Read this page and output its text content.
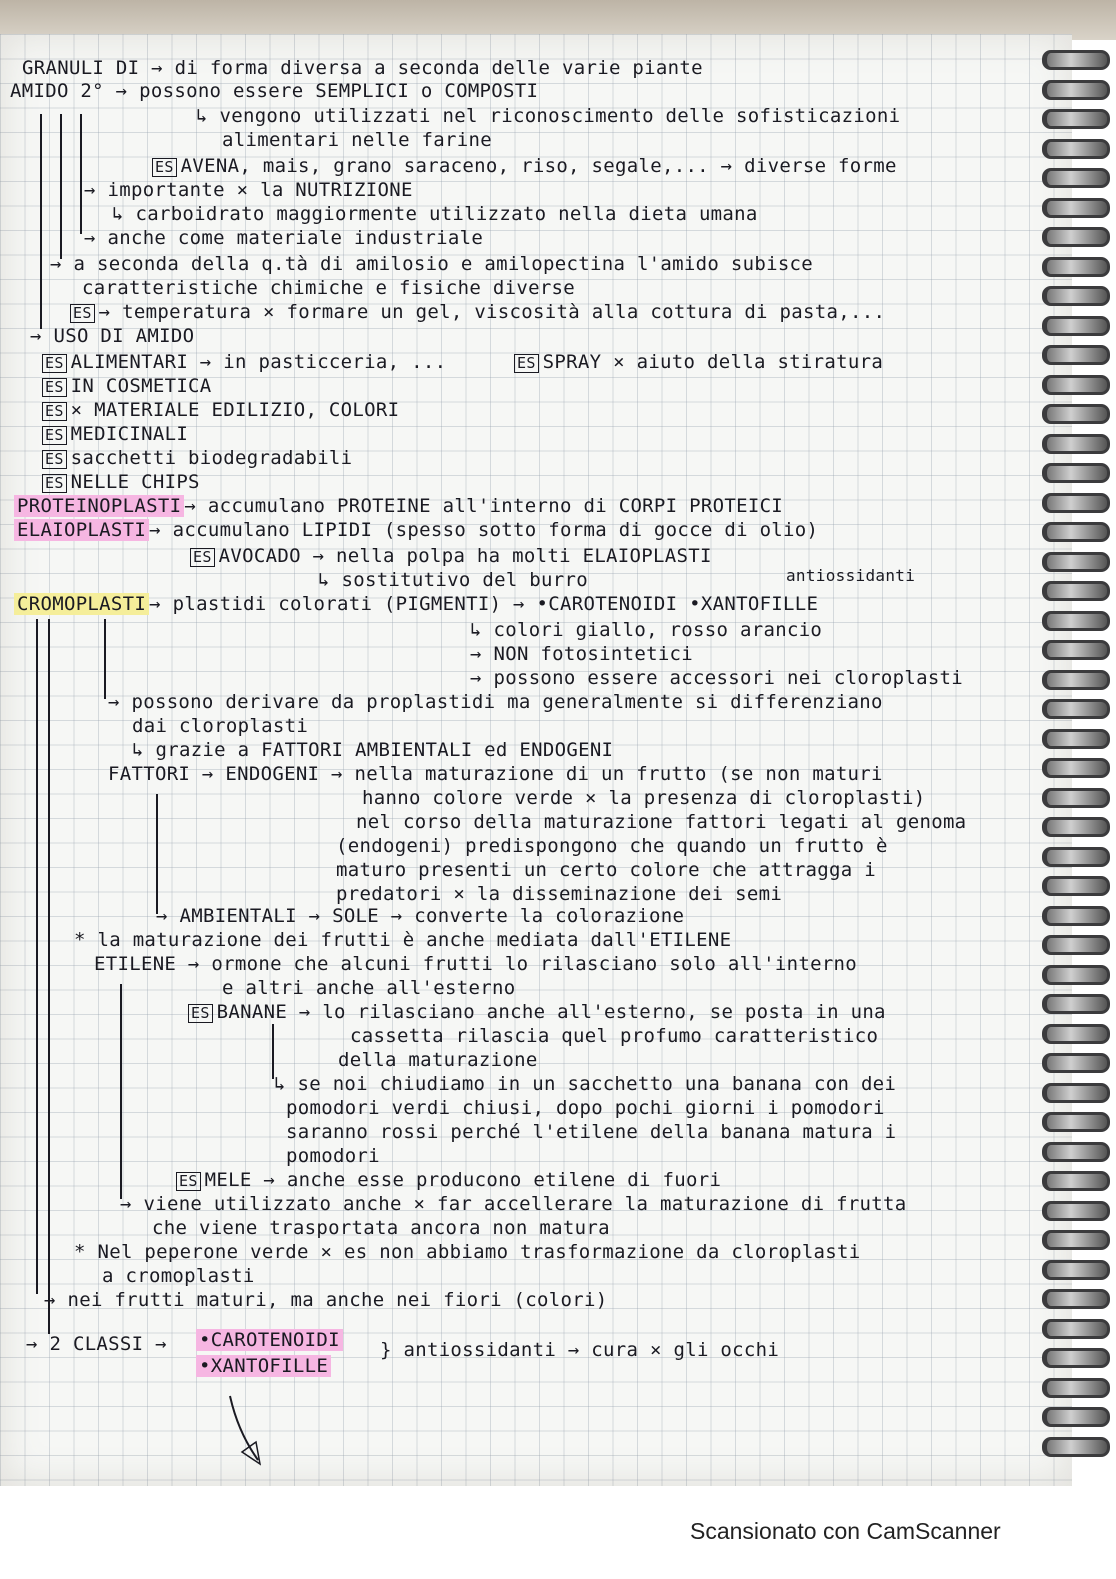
GRANULI DI → di forma diversa a seconda delle varie piante
AMIDO 2° → possono essere SEMPLICI o COMPOSTI
↳ vengono utilizzati nel riconoscimento delle sofisticazioni
alimentari nelle farine
ES AVENA, mais, grano saraceno, riso, segale,... → diverse forme
→ importante × la NUTRIZIONE
↳ carboidrato maggiormente utilizzato nella dieta umana
→ anche come materiale industriale
→ a seconda della q.tà di amilosio e amilopectina l'amido subisce
caratteristiche chimiche e fisiche diverse
ES → temperatura × formare un gel, viscosità alla cottura di pasta,...
→ USO DI AMIDO
ES ALIMENTARI → in pasticceria, ...	ES SPRAY × aiuto della stiratura
ES IN COSMETICA
ES × MATERIALE EDILIZIO, COLORI
ES MEDICINALI
ES sacchetti biodegradabili
ES NELLE CHIPS
PROTEINOPLASTI → accumulano PROTEINE all'interno di CORPI PROTEICI
ELAIOPLASTI → accumulano LIPIDI (spesso sotto forma di gocce di olio)
ES AVOCADO → nella polpa ha molti ELAIOPLASTI
↳ sostitutivo del burro	antiossidanti
CROMOPLASTI → plastidi colorati (PIGMENTI) → •CAROTENOIDI •XANTOFILLE
↳ colori giallo, rosso arancio
→ NON fotosintetici
→ possono essere accessori nei cloroplasti
→ possono derivare da proplastidi ma generalmente si differenziano
dai cloroplasti
↳ grazie a FATTORI AMBIENTALI ed ENDOGENI
FATTORI → ENDOGENI → nella maturazione di un frutto (se non maturi
hanno colore verde × la presenza di cloroplasti)
nel corso della maturazione fattori legati al genoma
(endogeni) predispongono che quando un frutto è
maturo presenti un certo colore che attragga i
predatori × la disseminazione dei semi
→ AMBIENTALI → SOLE → converte la colorazione
* la maturazione dei frutti è anche mediata dall'ETILENE
ETILENE → ormone che alcuni frutti lo rilasciano solo all'interno
e altri anche all'esterno
ES BANANE → lo rilasciano anche all'esterno, se posta in una
cassetta rilascia quel profumo caratteristico
della maturazione
↳ se noi chiudiamo in un sacchetto una banana con dei
pomodori verdi chiusi, dopo pochi giorni i pomodori
saranno rossi perché l'etilene della banana matura i
pomodori
ES MELE → anche esse producono etilene di fuori
→ viene utilizzato anche × far accellerare la maturazione di frutta
che viene trasportata ancora non matura
* Nel peperone verde × es non abbiamo trasformazione da cloroplasti
a cromoplasti
→ nei frutti maturi, ma anche nei fiori (colori)
→ 2 CLASSI → •CAROTENOIDI
•XANTOFILLE
} antiossidanti → cura × gli occhi
Scansionato con CamScanner
